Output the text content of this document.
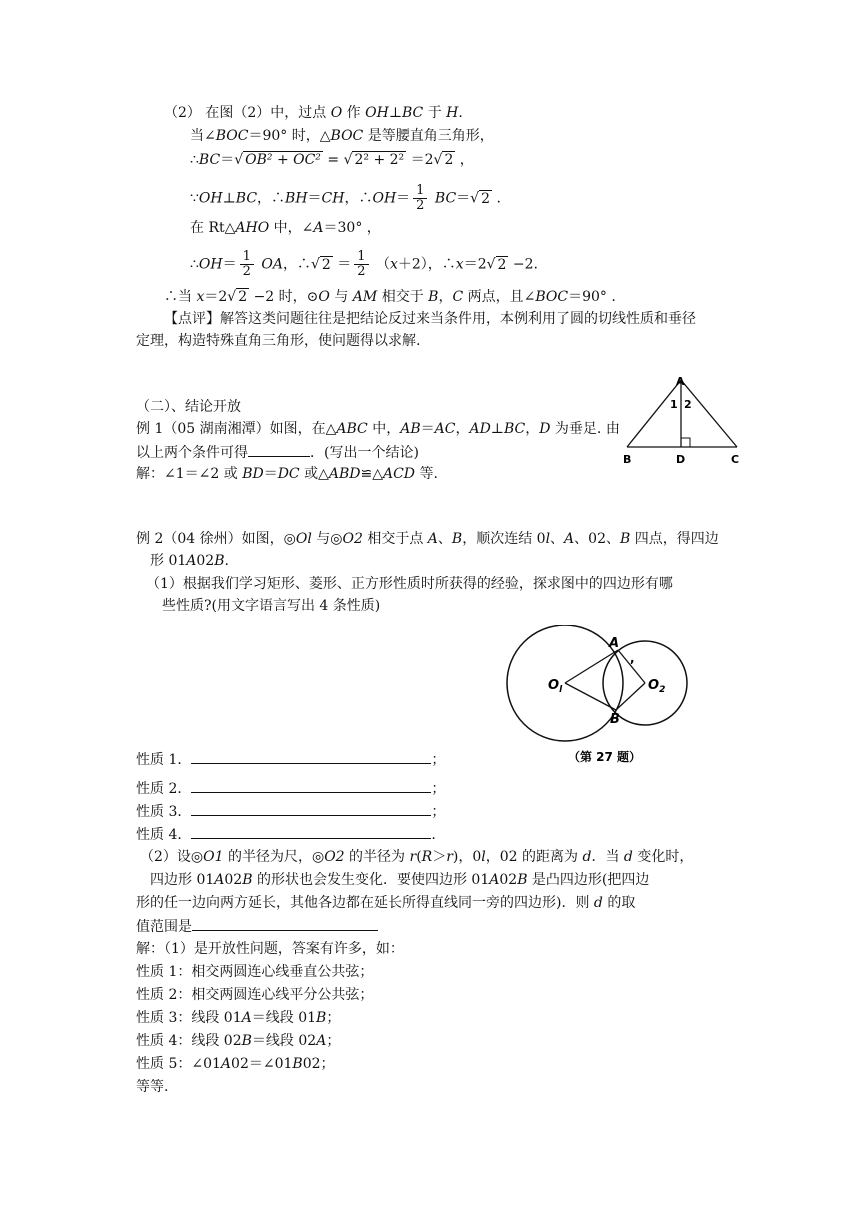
（2） 在图（2）中，过点 O 作 OH⊥BC 于 H.
当∠BOC＝90° 时，△BOC 是等腰直角三角形，
∴BC＝√ OB² + OC² = √ 2² + 2² ＝2√ 2 ，
∵OH⊥BC，∴BH＝CH，∴OH＝ $\frac{1}{2} BC=√$ 2 .
在 Rt△AHO 中，∠A＝30° ，
∴OH＝ $\frac{1}{2}$ OA，∴√ $2 = \frac{1}{2} (x+2)$，∴x＝2√ 2 −2.
∴当 x＝2√ 2 −2 时，⊙O 与 AM 相交于 B，C 两点，且∠BOC＝90° .
【点评】解答这类问题往往是把结论反过来当条件用，本例利用了圆的切线性质和垂径
定理，构造特殊直角三角形，使问题得以求解.
（二）、结论开放
例 1（05 湖南湘潭）如图，在△ABC 中，AB＝AC，AD⊥BC，D 为垂足. 由
以上两个条件可得	．(写出一个结论)
解：∠1＝∠2 或 BD＝DC 或△ABD≌△ACD 等.
A
1 2
B	D	C
例 2（04 徐州）如图，◎Ol 与◎O2 相交于点 A、B，顺次连结 0l、A、02、B 四点，得四边
形 01A02B.
（1）根据我们学习矩形、菱形、正方形性质时所获得的经验，探求图中的四边形有哪
些性质?(用文字语言写出 4 条性质)
A
,
B
$O_l$	$O_2$
（第 27 题）
性质 1．	；
性质 2．	；
性质 3．	；
性质 4．	.
（2）设◎O1 的半径为尺，◎O2 的半径为 r(R＞r)，0l，02 的距离为 d．当 d 变化时，
四边形 01A02B 的形状也会发生变化．要使四边形 01A02B 是凸四边形(把四边
形的任一边向两方延长，其他各边都在延长所得直线同一旁的四边形)．则 d 的取
值范围是
解：（1）是开放性问题，答案有许多，如：
性质 1：相交两圆连心线垂直公共弦；
性质 2：相交两圆连心线平分公共弦；
性质 3：线段 01A＝线段 01B；
性质 4：线段 02B＝线段 02A；
性质 5：∠01A02＝∠01B02；
等等.
